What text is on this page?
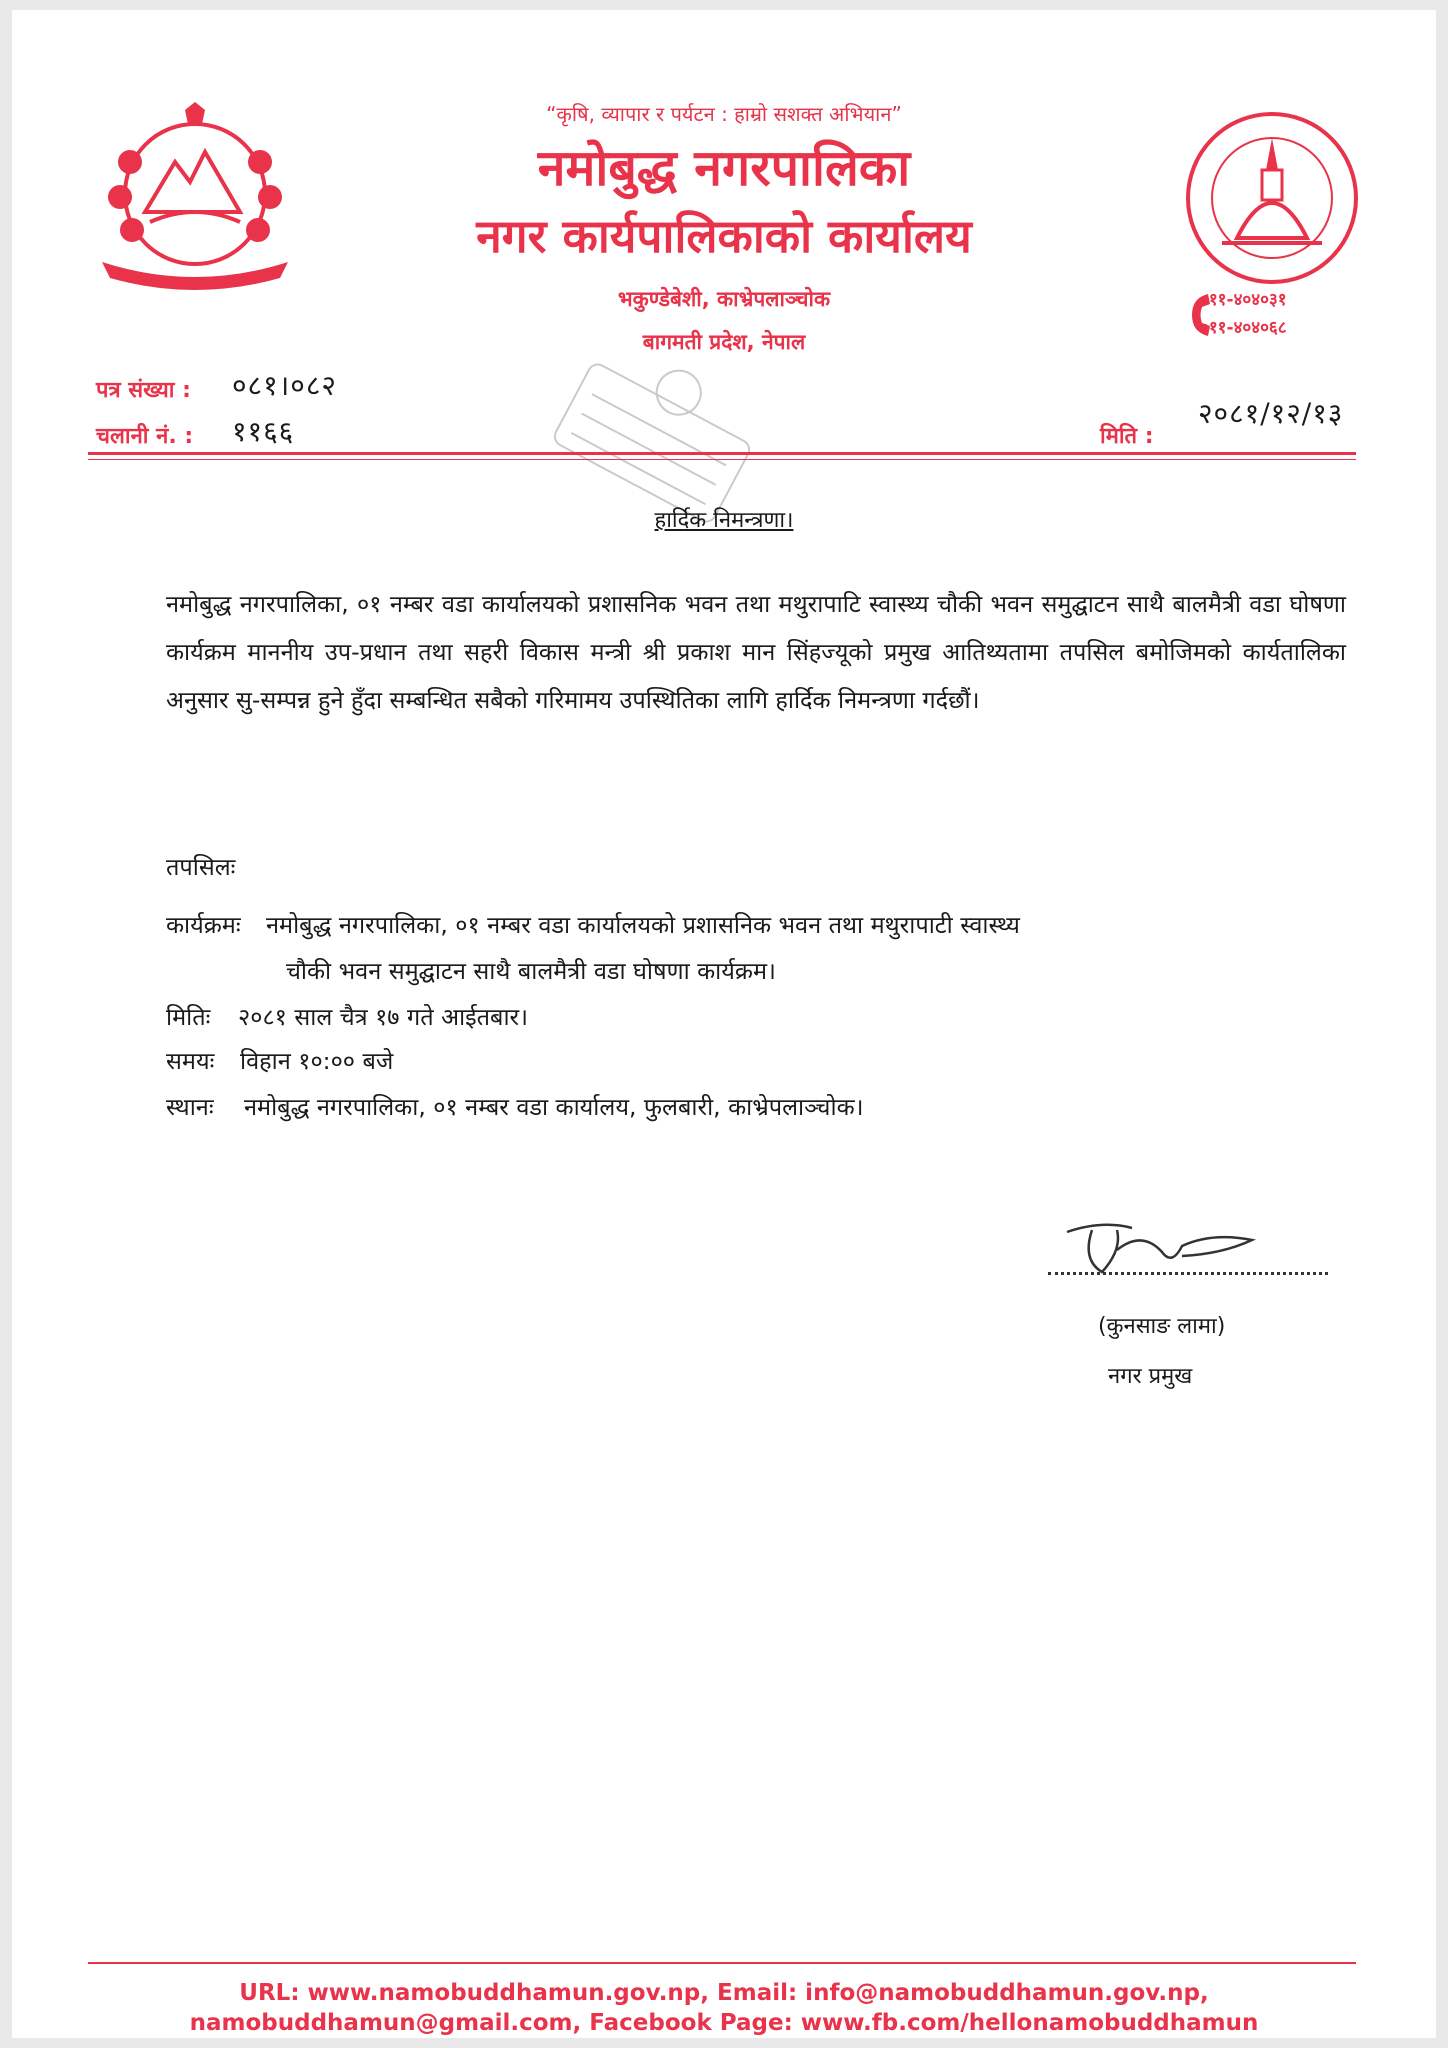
“कृषि, व्यापार र पर्यटन : हाम्रो सशक्त अभियान”
नमोबुद्ध नगरपालिका
नगर कार्यपालिकाको कार्यालय
भकुण्डेबेशी, काभ्रेपलाञ्चोक
बागमती प्रदेश, नेपाल
०११-४०४०३१
०११-४०४०६८
पत्र संख्या : ०८१।०८२
चलानी नं. : ११६६	मिति :
२०८१/१२/१३
हार्दिक निमन्त्रणा।
नमोबुद्ध नगरपालिका, ०१ नम्बर वडा कार्यालयको प्रशासनिक भवन तथा मथुरापाटि स्वास्थ्य चौकी भवन समुद्घाटन साथै बालमैत्री वडा घोषणा कार्यक्रम माननीय उप-प्रधान तथा सहरी विकास मन्त्री श्री प्रकाश मान सिंहज्यूको प्रमुख आतिथ्यतामा तपसिल बमोजिमको कार्यतालिका अनुसार सु-सम्पन्न हुने हुँदा सम्बन्धित सबैको गरिमामय उपस्थितिका लागि हार्दिक निमन्त्रणा गर्दछौं।
तपसिलः
कार्यक्रमः नमोबुद्ध नगरपालिका, ०१ नम्बर वडा कार्यालयको प्रशासनिक भवन तथा मथुरापाटी स्वास्थ्य
चौकी भवन समुद्घाटन साथै बालमैत्री वडा घोषणा कार्यक्रम।
मितिः २०८१ साल चैत्र १७ गते आईतबार।
समयः विहान १०:०० बजे
स्थानः नमोबुद्ध नगरपालिका, ०१ नम्बर वडा कार्यालय, फुलबारी, काभ्रेपलाञ्चोक।
(कुनसाङ लामा)
नगर प्रमुख
URL: www.namobuddhamun.gov.np, Email: info@namobuddhamun.gov.np,
namobuddhamun@gmail.com, Facebook Page: www.fb.com/hellonamobuddhamun
